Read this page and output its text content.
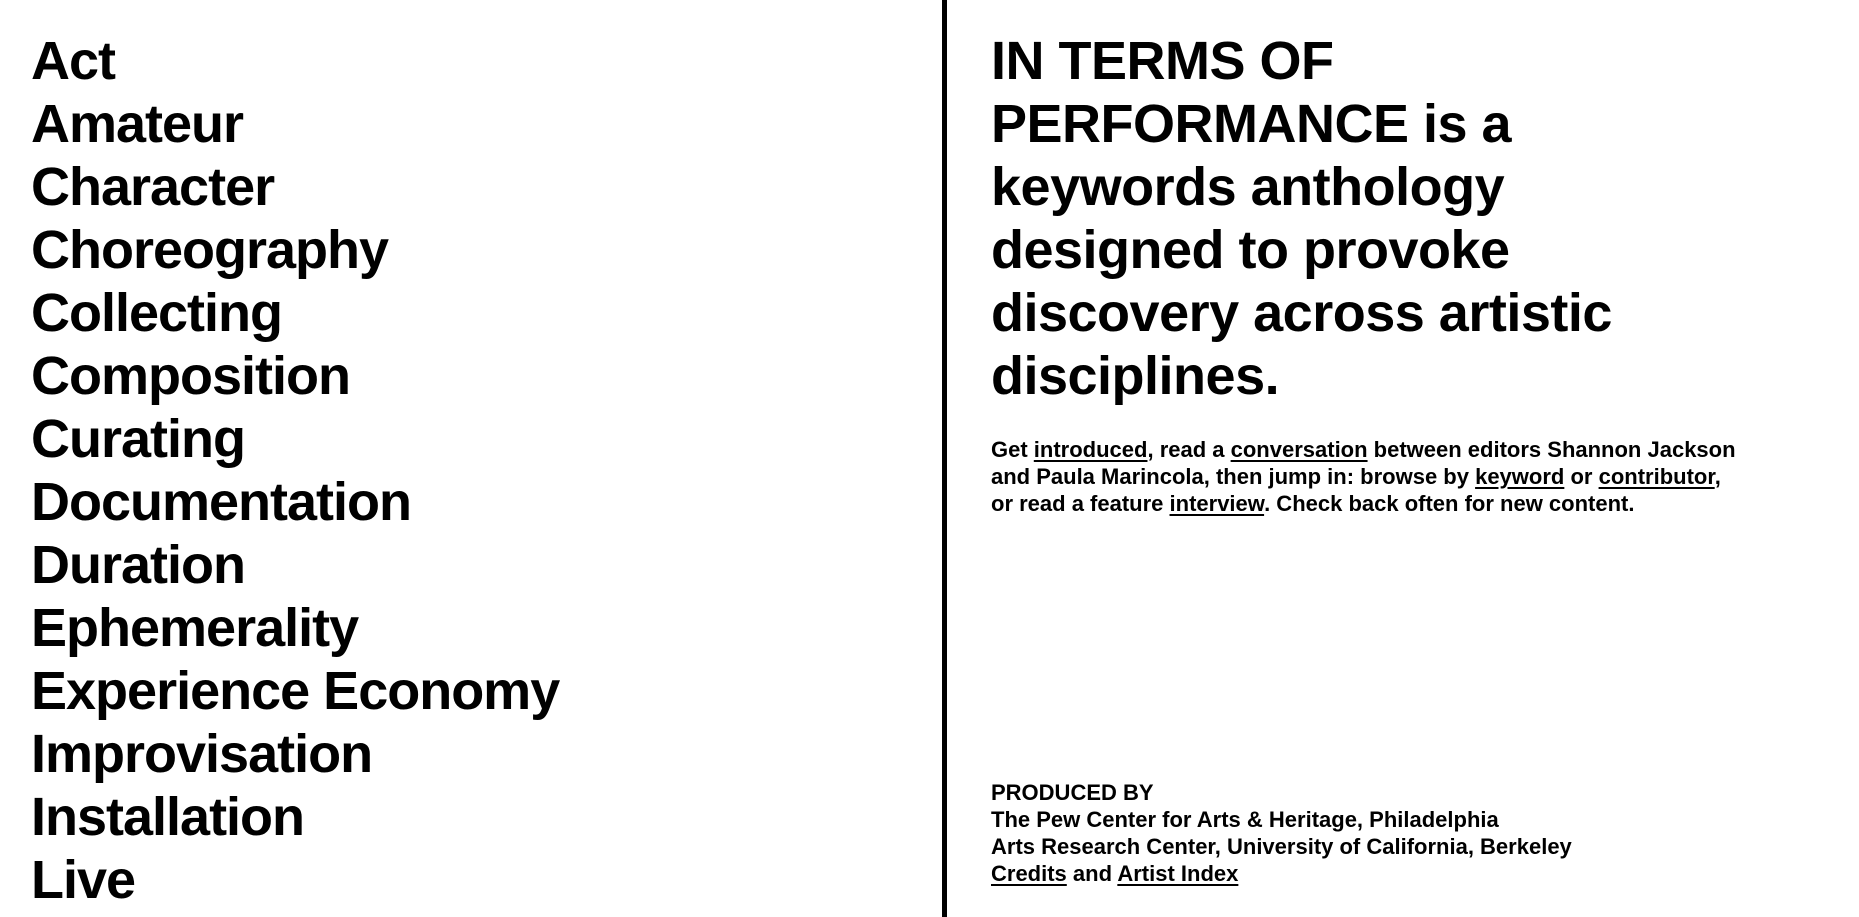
Act
Amateur
Character
Choreography
Collecting
Composition
Curating
Documentation
Duration
Ephemerality
Experience Economy
Improvisation
Installation
Live
IN TERMS OF
PERFORMANCE is a
keywords anthology
designed to provoke
discovery across artistic
disciplines.

Get introduced, read a conversation between editors Shannon Jackson
and Paula Marincola, then jump in: browse by keyword or contributor,
or read a feature interview. Check back often for new content.

PRODUCED BY
The Pew Center for Arts & Heritage, Philadelphia
Arts Research Center, University of California, Berkeley
Credits and Artist Index
